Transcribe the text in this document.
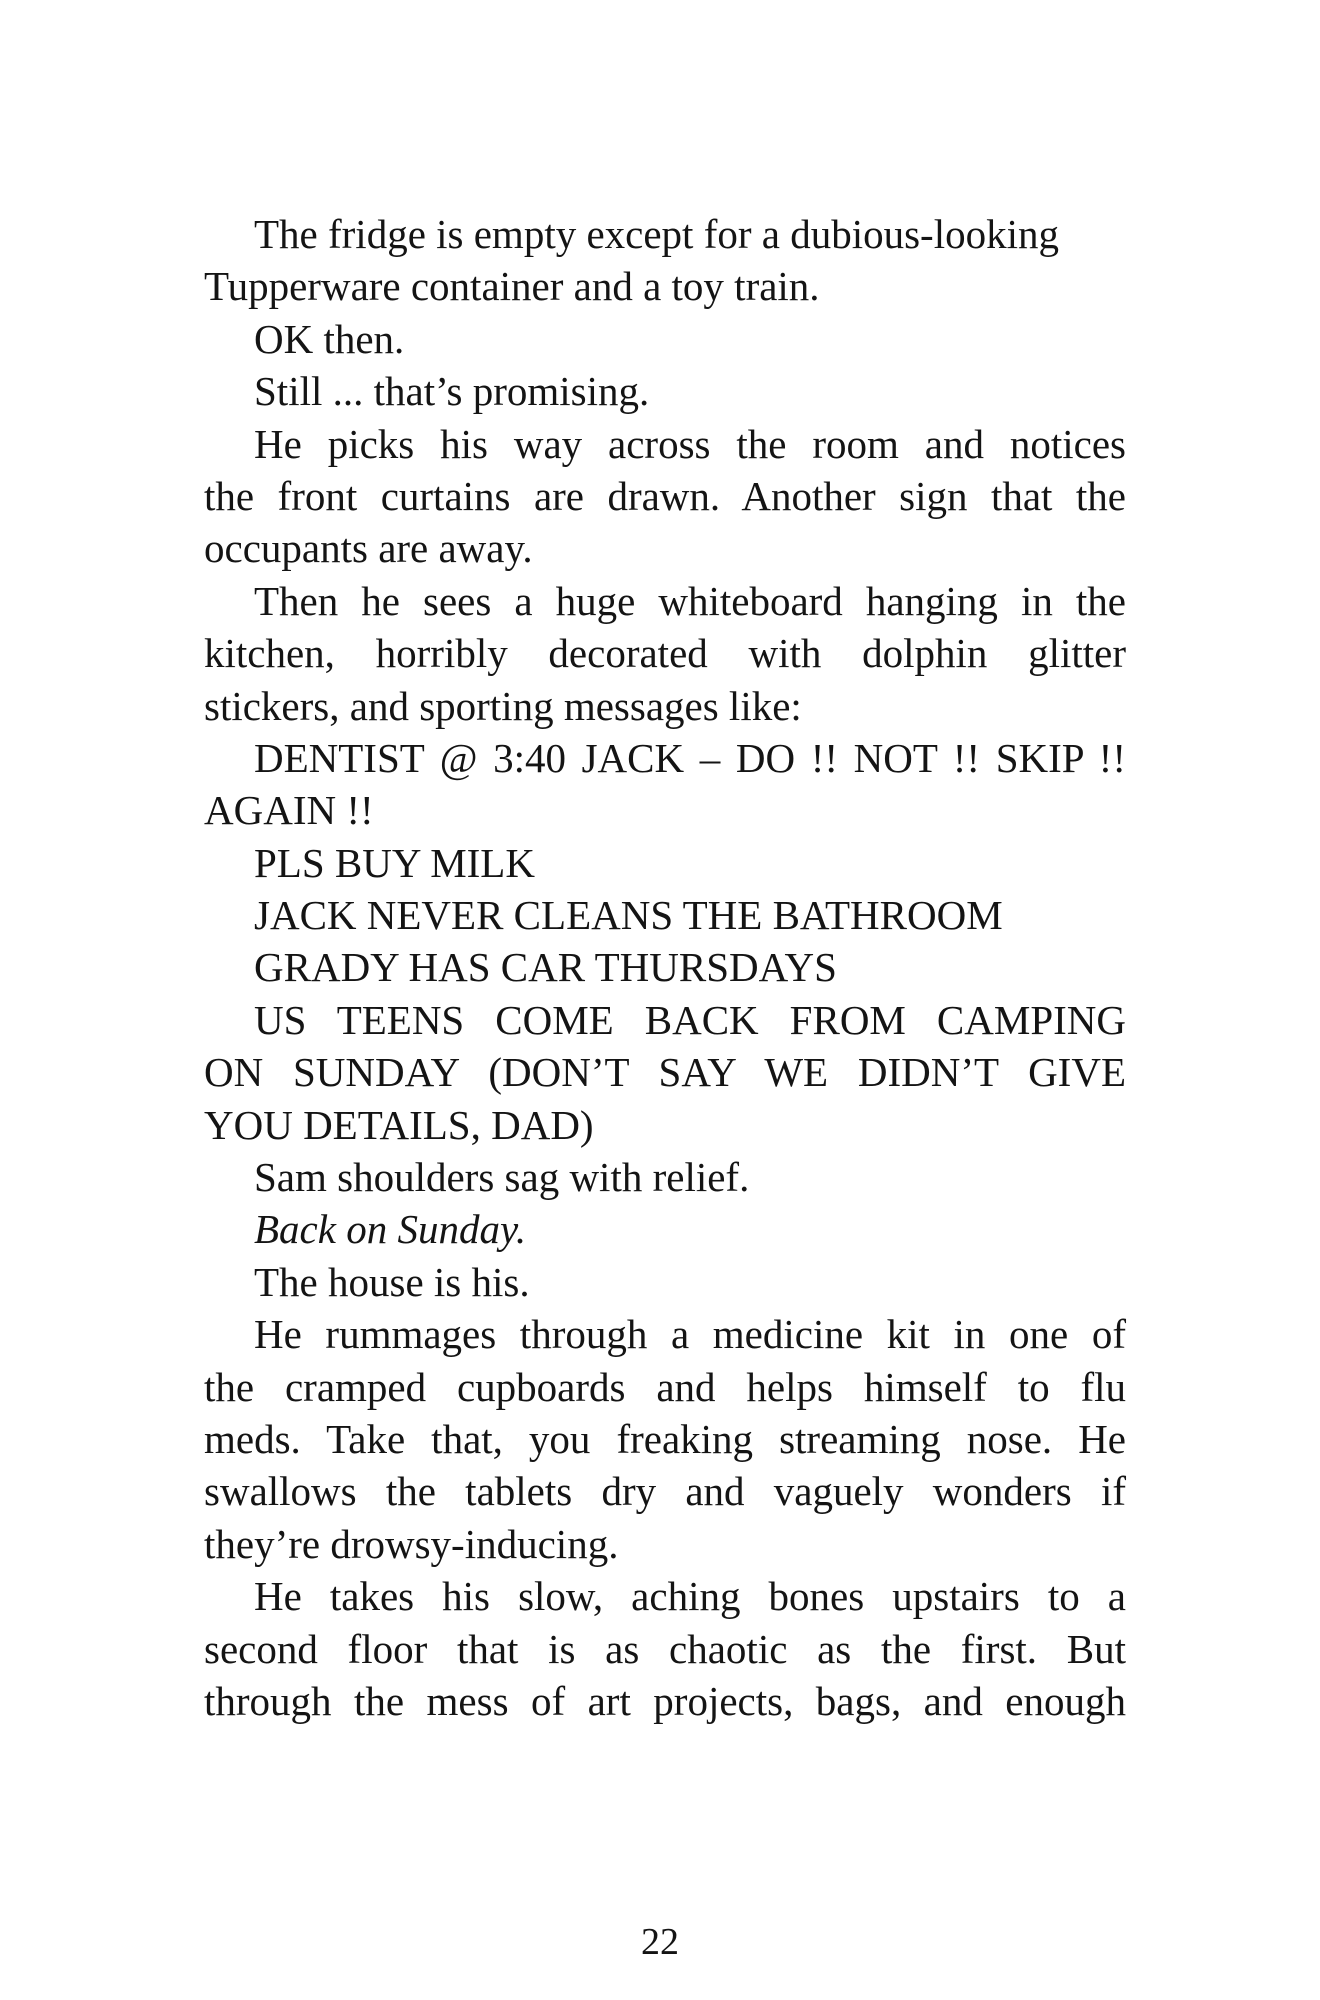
The fridge is empty except for a dubious-looking
Tupperware container and a toy train.
OK then.
Still ... that’s promising.
He picks his way across the room and notices
the front curtains are drawn. Another sign that the
occupants are away.
Then he sees a huge whiteboard hanging in the
kitchen, horribly decorated with dolphin glitter
stickers, and sporting messages like:
DENTIST @ 3:40 JACK – DO !! NOT !! SKIP !!
AGAIN !!
PLS BUY MILK
JACK NEVER CLEANS THE BATHROOM
GRADY HAS CAR THURSDAYS
US TEENS COME BACK FROM CAMPING
ON SUNDAY (DON’T SAY WE DIDN’T GIVE
YOU DETAILS, DAD)
Sam shoulders sag with relief.
Back on Sunday.
The house is his.
He rummages through a medicine kit in one of
the cramped cupboards and helps himself to flu
meds. Take that, you freaking streaming nose. He
swallows the tablets dry and vaguely wonders if
they’re drowsy-inducing.
He takes his slow, aching bones upstairs to a
second floor that is as chaotic as the first. But
through the mess of art projects, bags, and enough
22
